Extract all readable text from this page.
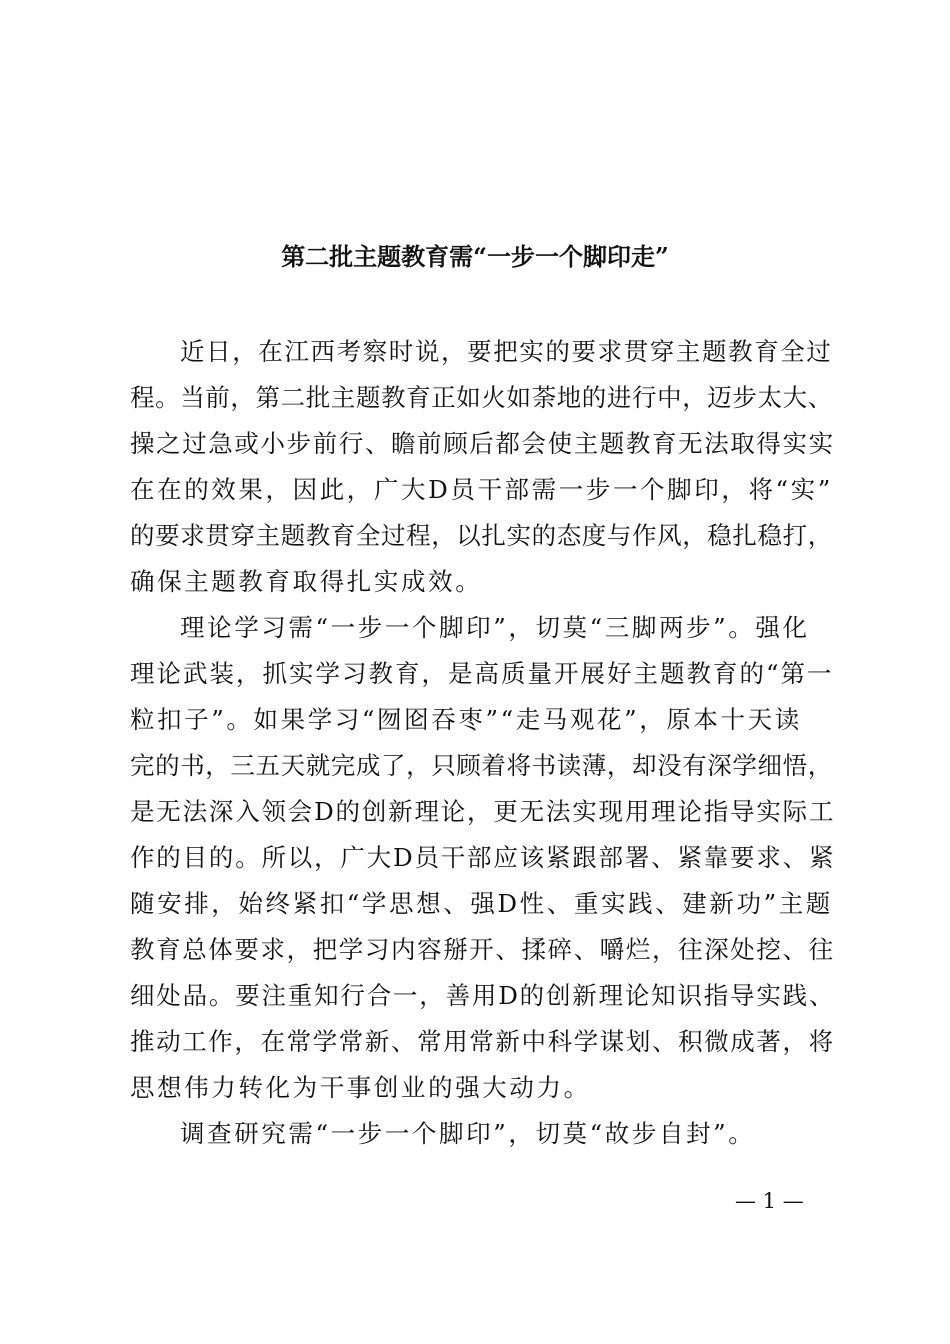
第二批主题教育需“一步一个脚印走”
近日，在江西考察时说，要把实的要求贯穿主题教育全过
程。当前，第二批主题教育正如火如荼地的进行中，迈步太大、
操之过急或小步前行、瞻前顾后都会使主题教育无法取得实实
在在的效果，因此，广大D员干部需一步一个脚印，将“实”
的要求贯穿主题教育全过程，以扎实的态度与作风，稳扎稳打，
确保主题教育取得扎实成效。
理论学习需“一步一个脚印”，切莫“三脚两步”。强化
理论武装，抓实学习教育，是高质量开展好主题教育的“第一
粒扣子”。如果学习“囫囵吞枣”“走马观花”，原本十天读
完的书，三五天就完成了，只顾着将书读薄，却没有深学细悟，
是无法深入领会D的创新理论，更无法实现用理论指导实际工
作的目的。所以，广大D员干部应该紧跟部署、紧靠要求、紧
随安排，始终紧扣“学思想、强D性、重实践、建新功”主题
教育总体要求，把学习内容掰开、揉碎、嚼烂，往深处挖、往
细处品。要注重知行合一，善用D的创新理论知识指导实践、
推动工作，在常学常新、常用常新中科学谋划、积微成著，将
思想伟力转化为干事创业的强大动力。
调查研究需“一步一个脚印”，切莫“故步自封”。
— 1 —
